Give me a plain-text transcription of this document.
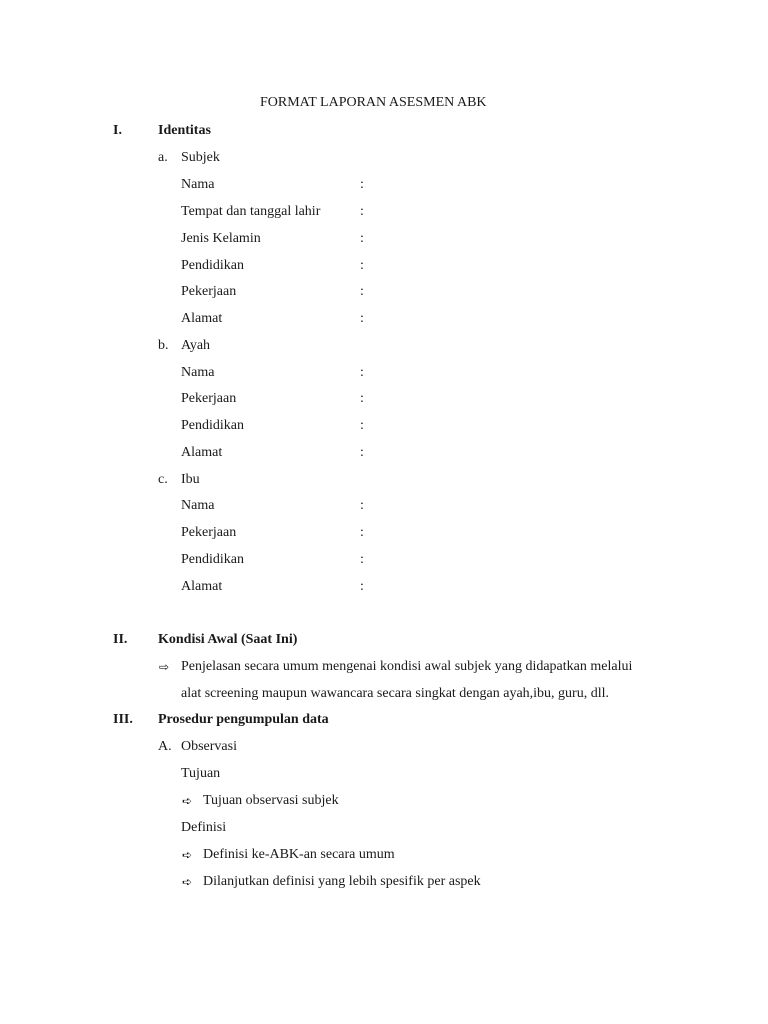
FORMAT LAPORAN ASESMEN ABK
I.	Identitas
a. Subjek
Nama	:
Tempat dan tanggal lahir	:
Jenis Kelamin	:
Pendidikan	:
Pekerjaan	:
Alamat	:
b. Ayah
Nama	:
Pekerjaan	:
Pendidikan	:
Alamat	:
c. Ibu
Nama	:
Pekerjaan	:
Pendidikan	:
Alamat	:
II. Kondisi Awal (Saat Ini)
⇨ Penjelasan secara umum mengenai kondisi awal subjek yang didapatkan melalui
alat screening maupun wawancara secara singkat dengan ayah,ibu, guru, dll.
III. Prosedur pengumpulan data
A. Observasi
Tujuan
➪ Tujuan observasi subjek
Definisi
➪ Definisi ke-ABK-an secara umum
➪ Dilanjutkan definisi yang lebih spesifik per aspek
